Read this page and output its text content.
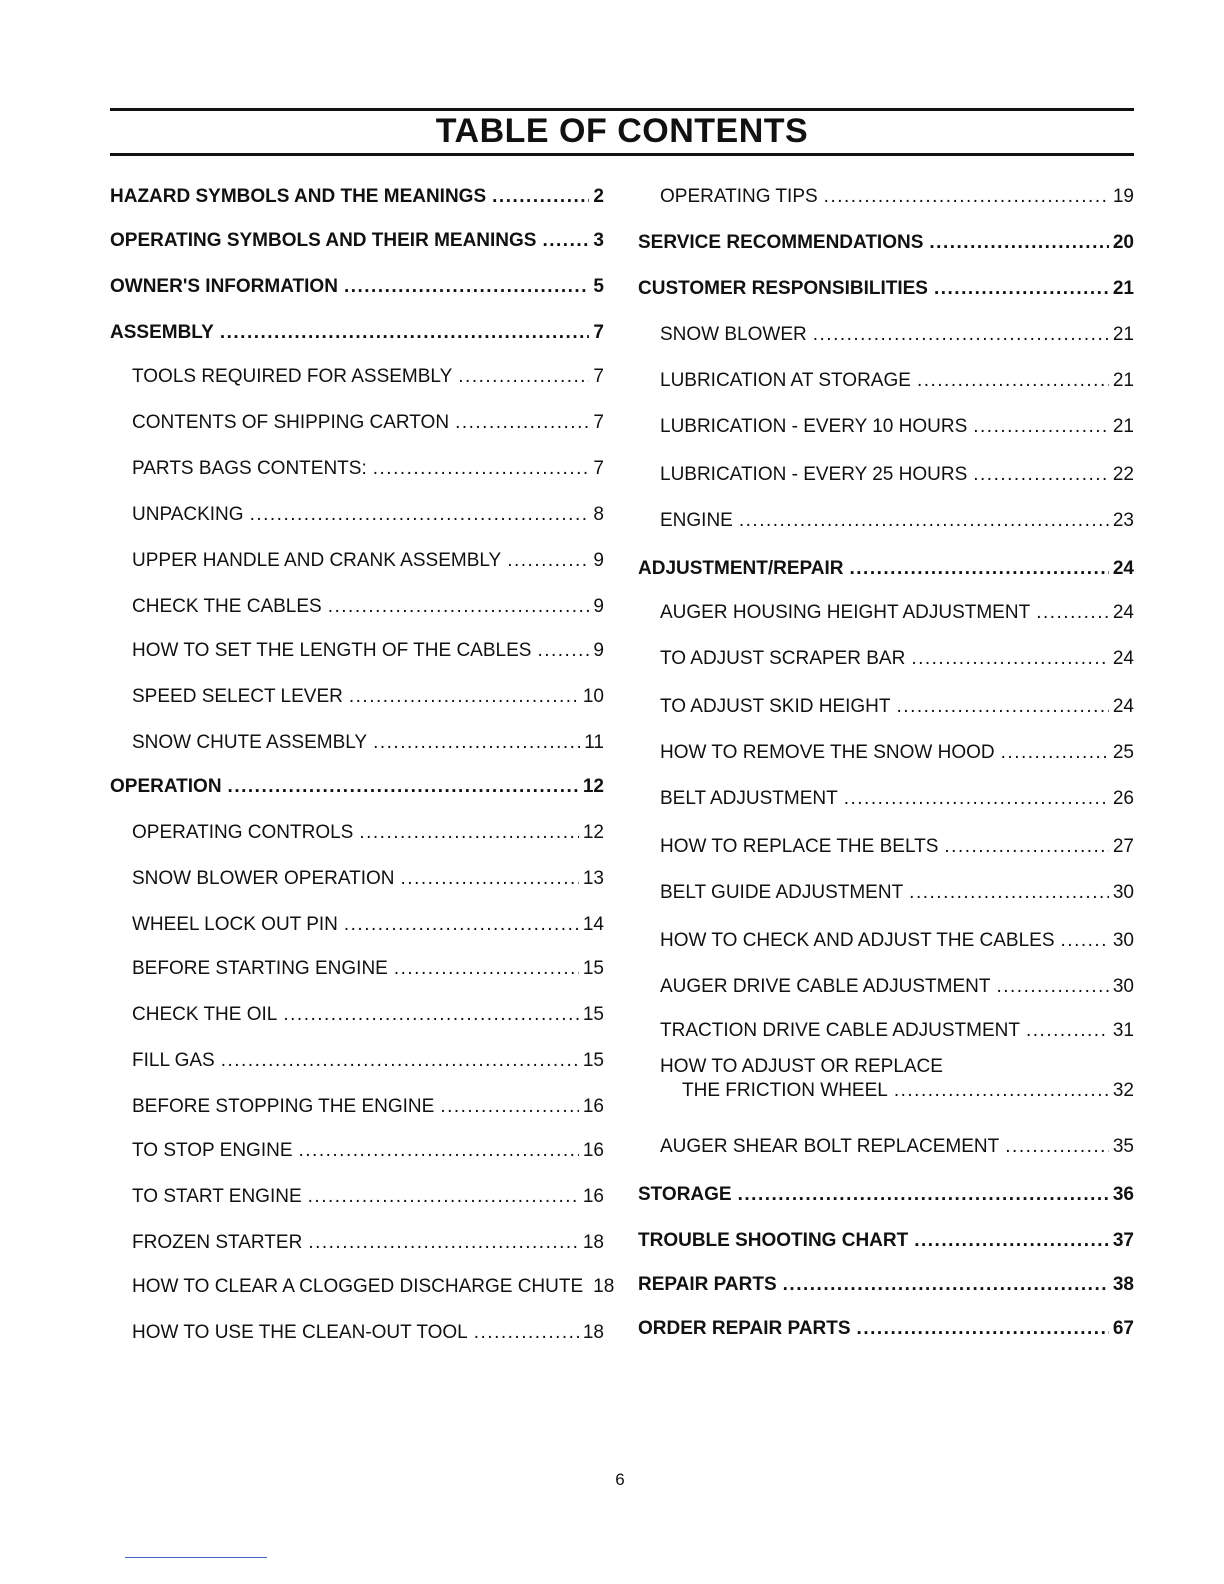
TABLE OF CONTENTS
HAZARD SYMBOLS AND THE MEANINGS .....	2
OPERATING SYMBOLS AND THEIR MEANINGS .....	3
OWNER'S INFORMATION .....	5
ASSEMBLY .....	7
TOOLS REQUIRED FOR ASSEMBLY .....	7
CONTENTS OF SHIPPING CARTON .....	7
PARTS BAGS CONTENTS: .....	7
UNPACKING .....	8
UPPER HANDLE AND CRANK ASSEMBLY .....	9
CHECK THE CABLES .....	9
HOW TO SET THE LENGTH OF THE CABLES .....	9
SPEED SELECT LEVER .....	10
SNOW CHUTE ASSEMBLY .....	11
OPERATION .....	12
OPERATING CONTROLS .....	12
SNOW BLOWER OPERATION .....	13
WHEEL LOCK OUT PIN .....	14
BEFORE STARTING ENGINE .....	15
CHECK THE OIL .....	15
FILL GAS .....	15
BEFORE STOPPING THE ENGINE .....	16
TO STOP ENGINE .....	16
TO START ENGINE .....	16
FROZEN STARTER .....	18
HOW TO CLEAR A CLOGGED DISCHARGE CHUTE 18
HOW TO USE THE CLEAN-OUT TOOL .....	18
OPERATING TIPS .....	19
SERVICE RECOMMENDATIONS .....	20
CUSTOMER RESPONSIBILITIES .....	21
SNOW BLOWER .....	21
LUBRICATION AT STORAGE .....	21
LUBRICATION - EVERY 10 HOURS .....	21
LUBRICATION - EVERY 25 HOURS .....	22
ENGINE .....	23
ADJUSTMENT/REPAIR .....	24
AUGER HOUSING HEIGHT ADJUSTMENT .....	24
TO ADJUST SCRAPER BAR .....	24
TO ADJUST SKID HEIGHT .....	24
HOW TO REMOVE THE SNOW HOOD .....	25
BELT ADJUSTMENT .....	26
HOW TO REPLACE THE BELTS .....	27
BELT GUIDE ADJUSTMENT .....	30
HOW TO CHECK AND ADJUST THE CABLES .....	30
AUGER DRIVE CABLE ADJUSTMENT .....	30
TRACTION DRIVE CABLE ADJUSTMENT .....	31
HOW TO ADJUST OR REPLACE
THE FRICTION WHEEL .....	32
AUGER SHEAR BOLT REPLACEMENT .....	35
STORAGE .....	36
TROUBLE SHOOTING CHART .....	37
REPAIR PARTS .....	38
ORDER REPAIR PARTS .....	67
6
